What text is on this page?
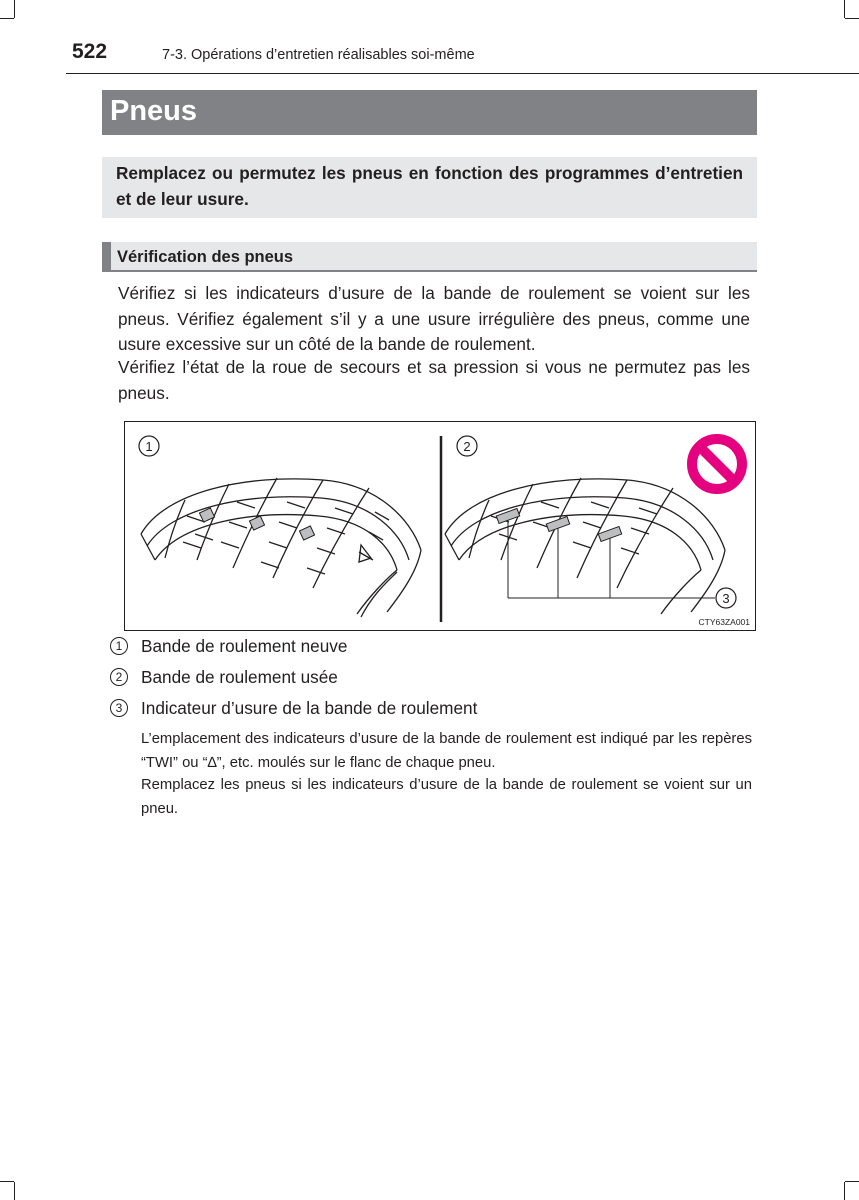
522	7-3. Opérations d’entretien réalisables soi-même
Pneus

Remplacez ou permutez les pneus en fonction des programmes d’entretien et de leur usure.

Vérification des pneus

Vérifiez si les indicateurs d’usure de la bande de roulement se voient sur les pneus. Vérifiez également s’il y a une usure irrégulière des pneus, comme une usure excessive sur un côté de la bande de roulement.

Vérifiez l’état de la roue de secours et sa pression si vous ne permutez pas les pneus.

1	2
3
CTY63ZA001
1	Bande de roulement neuve
2	Bande de roulement usée
3	Indicateur d’usure de la bande de roulement

L’emplacement des indicateurs d’usure de la bande de roulement est indiqué par les repères “TWI” ou “∆”, etc. moulés sur le flanc de chaque pneu.

Remplacez les pneus si les indicateurs d’usure de la bande de roulement se voient sur un pneu.
